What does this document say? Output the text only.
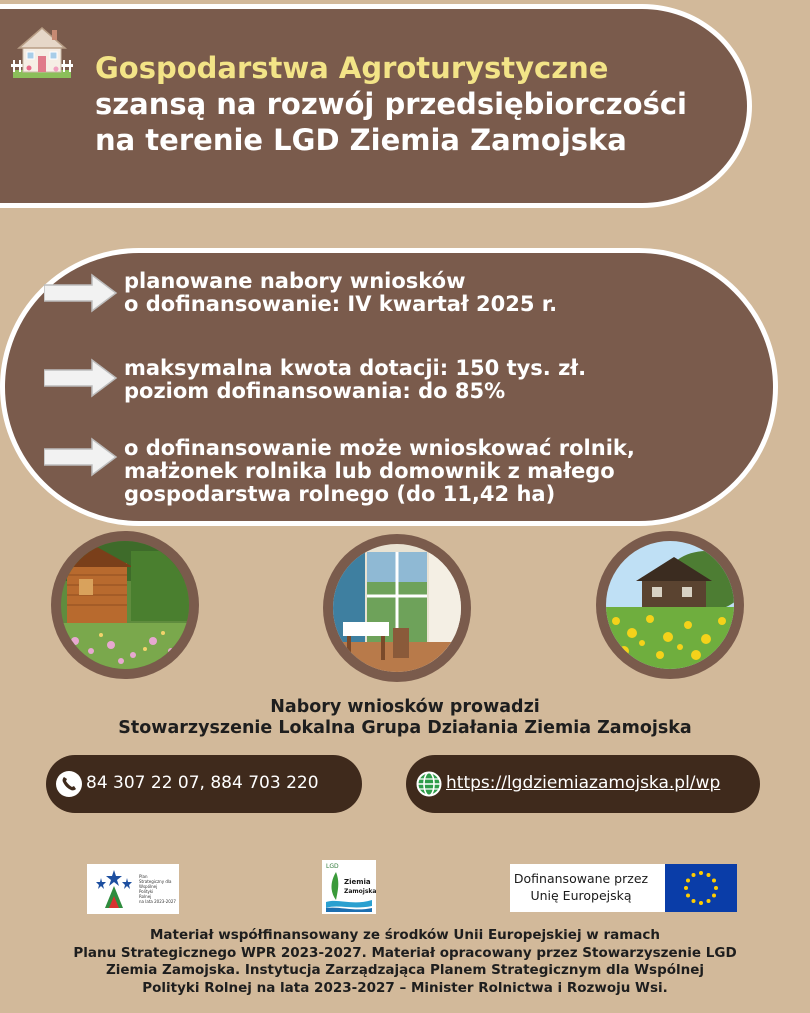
Gospodarstwa Agroturystyczne
szansą na rozwój przedsiębiorczości
na terenie LGD Ziemia Zamojska
planowane nabory wniosków
o dofinansowanie: IV kwartał 2025 r.
maksymalna kwota dotacji: 150 tys. zł.
poziom dofinansowania: do 85%
o dofinansowanie może wnioskować rolnik,
małżonek rolnika lub domownik z małego
gospodarstwa rolnego (do 11,42 ha)
Nabory wniosków prowadzi
Stowarzyszenie Lokalna Grupa Działania Ziemia Zamojska
84 307 22 07, 884 703 220	https://lgdziemiazamojska.pl/wp
Plan
Strategiczny dla
Wspólnej
Polityki
Rolnej
na lata 2023-2027
LGD
Ziemia
Zamojska
Dofinansowane przez
Unię Europejską
Materiał współfinansowany ze środków Unii Europejskiej w ramach
Planu Strategicznego WPR 2023-2027. Materiał opracowany przez Stowarzyszenie LGD
Ziemia Zamojska. Instytucja Zarządzająca Planem Strategicznym dla Wspólnej
Polityki Rolnej na lata 2023-2027 – Minister Rolnictwa i Rozwoju Wsi.
